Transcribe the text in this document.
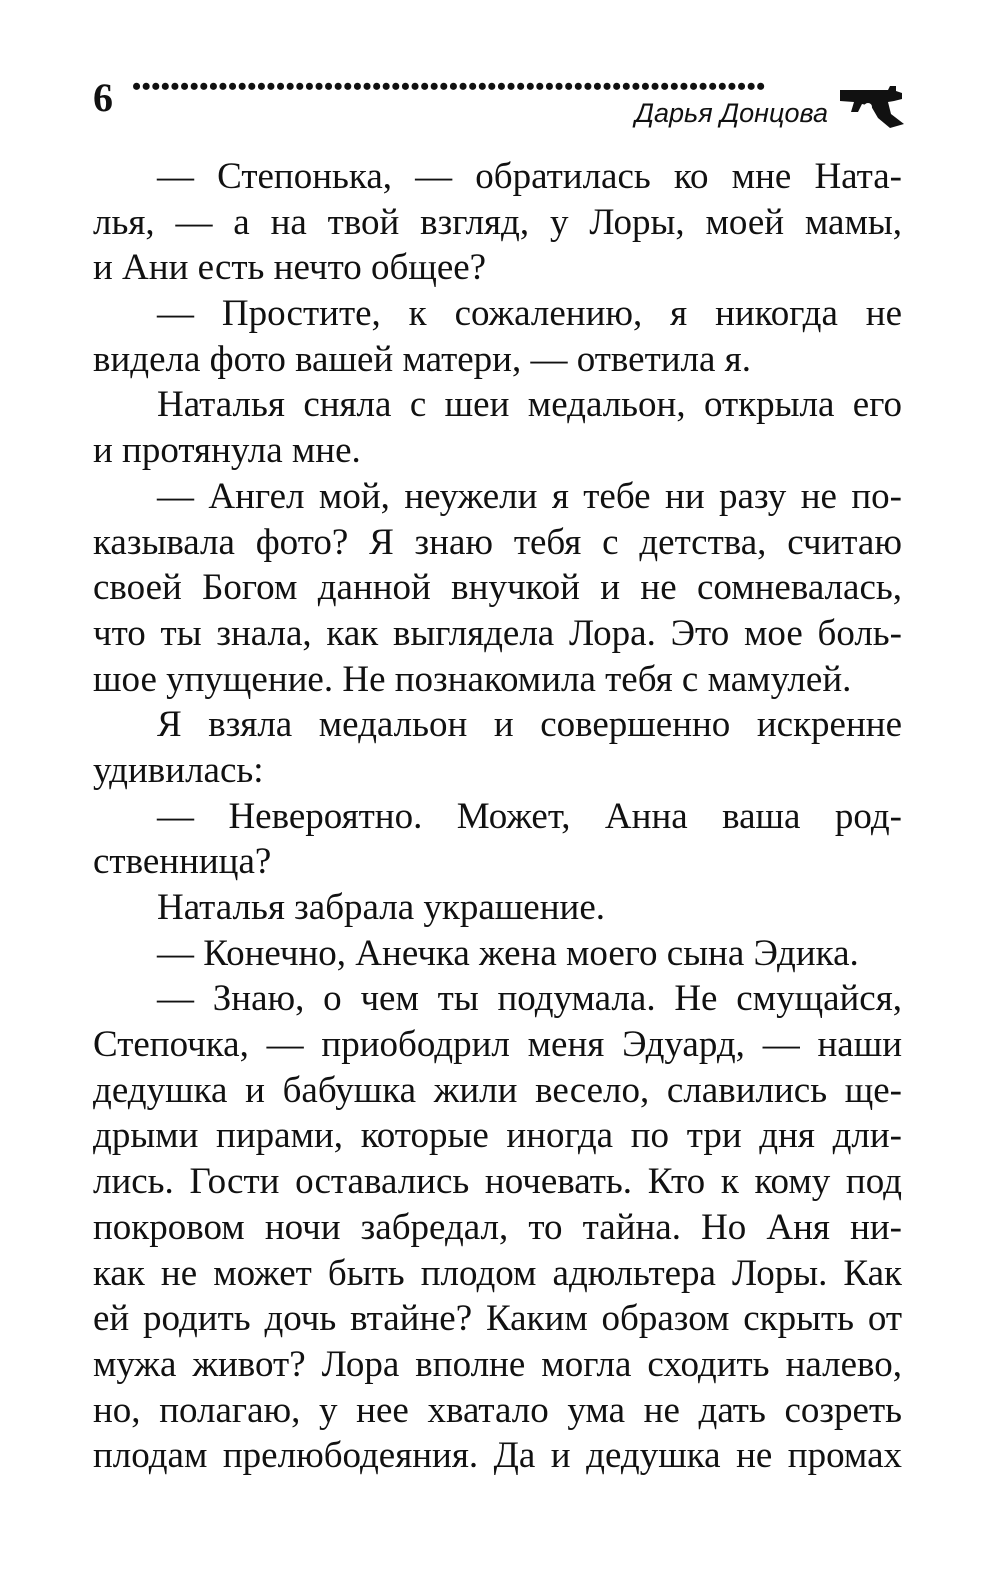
6 ••••••••••••••••••••••••••••••••••••••••••••••••••••••••••••••••••
Дарья Донцова
— Степонька, — обратилась ко мне Ната-
лья, — а на твой взгляд, у Лоры, моей мамы,
и Ани есть нечто общее?
— Простите, к сожалению, я никогда не
видела фото вашей матери, — ответила я.
Наталья сняла с шеи медальон, открыла его
и протянула мне.
— Ангел мой, неужели я тебе ни разу не по-
казывала фото? Я знаю тебя с детства, считаю
своей Богом данной внучкой и не сомневалась,
что ты знала, как выглядела Лора. Это мое боль-
шое упущение. Не познакомила тебя с мамулей.
Я взяла медальон и совершенно искренне
удивилась:
— Невероятно. Может, Анна ваша род-
ственница?
Наталья забрала украшение.
— Конечно, Анечка жена моего сына Эдика.
— Знаю, о чем ты подумала. Не смущайся,
Степочка, — приободрил меня Эдуард, — наши
дедушка и бабушка жили весело, славились ще-
дрыми пирами, которые иногда по три дня дли-
лись. Гости оставались ночевать. Кто к кому под
покровом ночи забредал, то тайна. Но Аня ни-
как не может быть плодом адюльтера Лоры. Как
ей родить дочь втайне? Каким образом скрыть от
мужа живот? Лора вполне могла сходить налево,
но, полагаю, у нее хватало ума не дать созреть
плодам прелюбодеяния. Да и дедушка не промах
